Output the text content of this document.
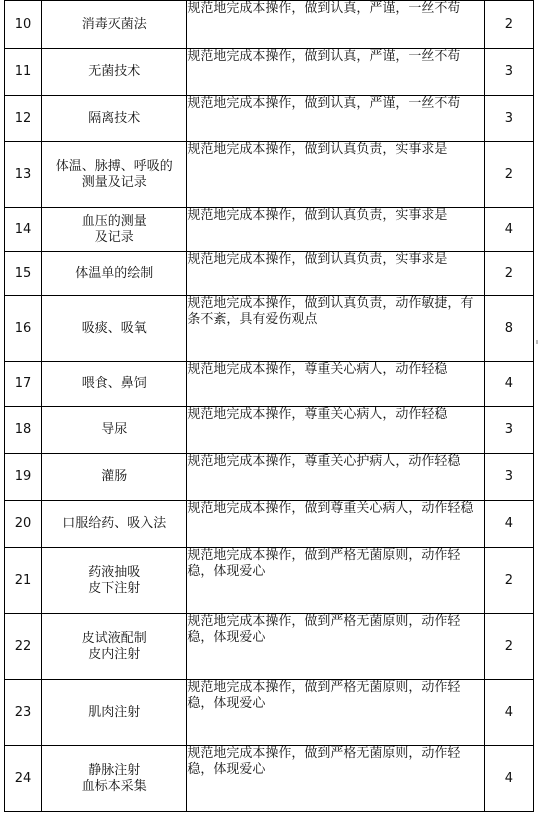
10	消毒灭菌法	规范地完成本操作，做到认真，严谨，一丝不苟	2
11	无菌技术	规范地完成本操作，做到认真，严谨，一丝不苟	3
12	隔离技术	规范地完成本操作，做到认真，严谨，一丝不苟	3
13	体温、脉搏、呼吸的
测量及记录	规范地完成本操作，做到认真负责，实事求是	2
14	血压的测量
及记录	规范地完成本操作，做到认真负责，实事求是	4
15	体温单的绘制	规范地完成本操作，做到认真负责，实事求是	2
16	吸痰、吸氧	规范地完成本操作，做到认真负责，动作敏捷，有条不紊，具有爱伤观点	8
17	喂食、鼻饲	规范地完成本操作，尊重关心病人，动作轻稳	4
18	导尿	规范地完成本操作，尊重关心病人，动作轻稳	3
19	灌肠	规范地完成本操作，尊重关心护病人，动作轻稳	3
20	口服给药、吸入法	规范地完成本操作，做到尊重关心病人，动作轻稳	4
21	药液抽吸
皮下注射	规范地完成本操作，做到严格无菌原则，动作轻稳，体现爱心	2
22	皮试液配制
皮内注射	规范地完成本操作，做到严格无菌原则，动作轻稳，体现爱心	2
23	肌肉注射	规范地完成本操作，做到严格无菌原则，动作轻稳，体现爱心	4
24	静脉注射
血标本采集	规范地完成本操作，做到严格无菌原则，动作轻稳，体现爱心	4
